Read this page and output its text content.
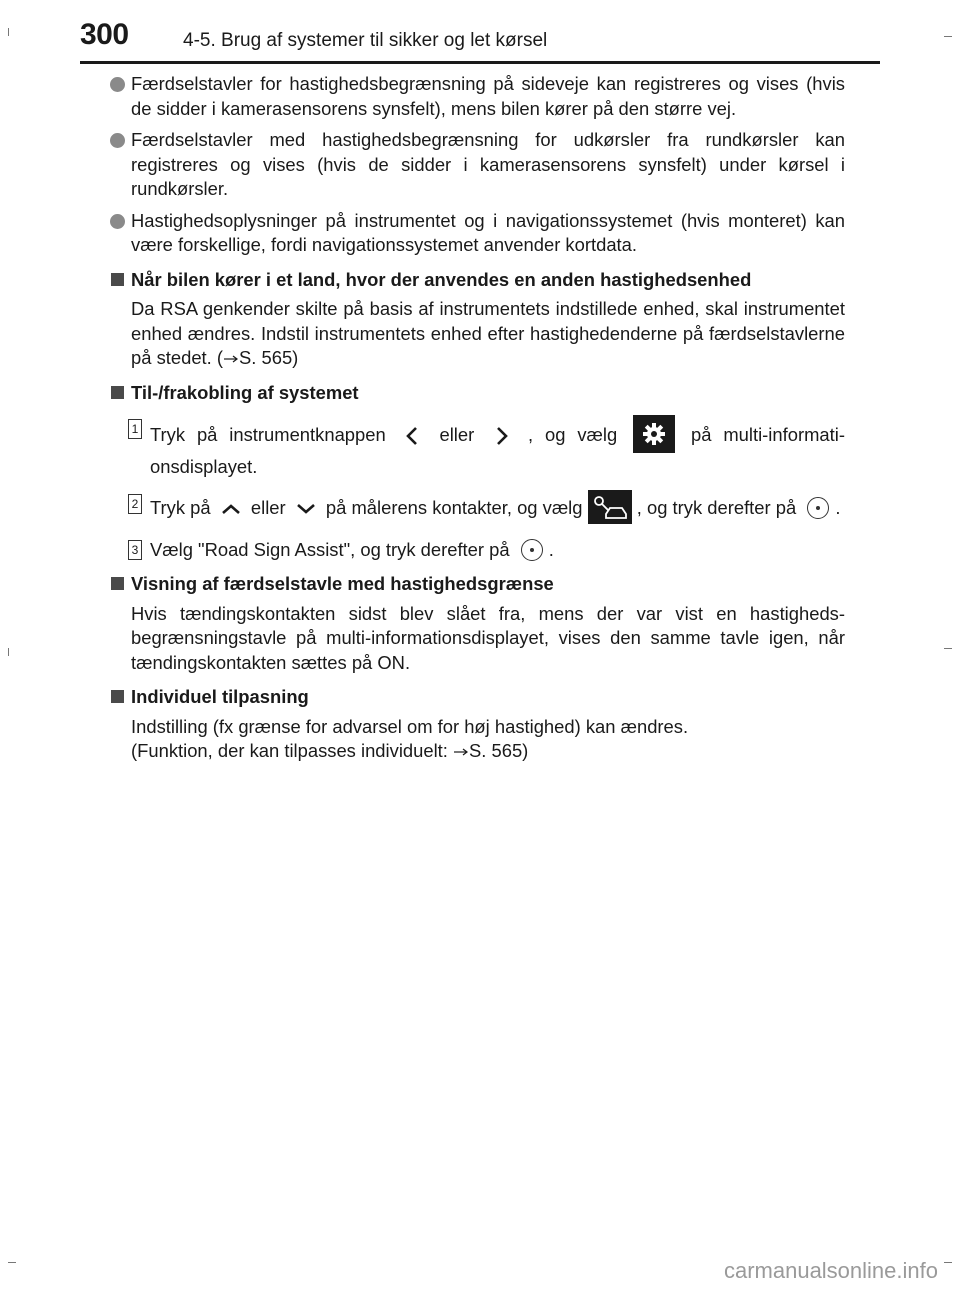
300	4-5. Brug af systemer til sikker og let kørsel
Færdselstavler for hastighedsbegrænsning på sideveje kan registreres og vises (hvis de sidder i kamerasensorens synsfelt), mens bilen kører på den større vej.
Færdselstavler med hastighedsbegrænsning for udkørsler fra rundkørsler kan registreres og vises (hvis de sidder i kamerasensorens synsfelt) under kørsel i rundkørsler.
Hastighedsoplysninger på instrumentet og i navigationssystemet (hvis monteret) kan være forskellige, fordi navigationssystemet anvender kortdata.
Når bilen kører i et land, hvor der anvendes en anden hastighedsenhed
Da RSA genkender skilte på basis af instrumentets indstillede enhed, skal instrumentet enhed ændres. Indstil instrumentets enhed efter hastighedenderne på færdselstavlerne på stedet. ( S. 565)
Til-/frakobling af systemet
1 Tryk på instrumentknappen	eller	, og vælg	på multi-informationsdisplayet.
2 Tryk på eller på målerens kontakter, og vælg	, og tryk derefter på .
3 Vælg "Road Sign Assist", og tryk derefter på .
Visning af færdselstavle med hastighedsgrænse
Hvis tændingskontakten sidst blev slået fra, mens der var vist en hastighedsbegrænsningstavle på multi-informationsdisplayet, vises den samme tavle igen, når tændingskontakten sættes på ON.
Individuel tilpasning
Indstilling (fx grænse for advarsel om for høj hastighed) kan ændres.
(Funktion, der kan tilpasses individuelt: S. 565)
carmanualsonline.info
